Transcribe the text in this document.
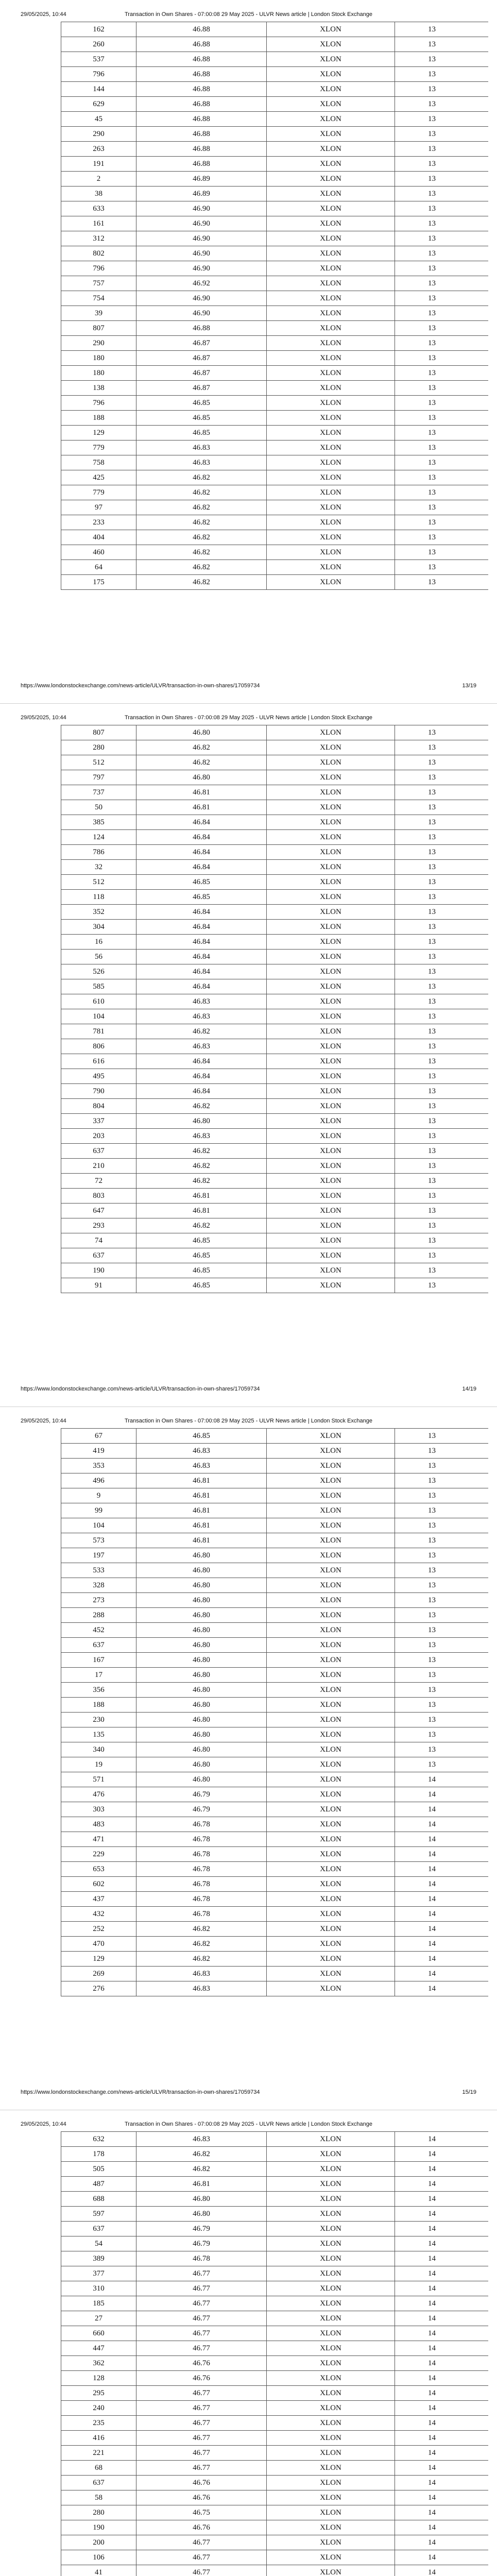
29/05/2025, 10:44	Transaction in Own Shares - 07:00:08 29 May 2025 - ULVR News article | London Stock Exchange
162	46.88	XLON	13
260	46.88	XLON	13
537	46.88	XLON	13
796	46.88	XLON	13
144	46.88	XLON	13
629	46.88	XLON	13
45	46.88	XLON	13
290	46.88	XLON	13
263	46.88	XLON	13
191	46.88	XLON	13
2	46.89	XLON	13
38	46.89	XLON	13
633	46.90	XLON	13
161	46.90	XLON	13
312	46.90	XLON	13
802	46.90	XLON	13
796	46.90	XLON	13
757	46.92	XLON	13
754	46.90	XLON	13
39	46.90	XLON	13
807	46.88	XLON	13
290	46.87	XLON	13
180	46.87	XLON	13
180	46.87	XLON	13
138	46.87	XLON	13
796	46.85	XLON	13
188	46.85	XLON	13
129	46.85	XLON	13
779	46.83	XLON	13
758	46.83	XLON	13
425	46.82	XLON	13
779	46.82	XLON	13
97	46.82	XLON	13
233	46.82	XLON	13
404	46.82	XLON	13
460	46.82	XLON	13
64	46.82	XLON	13
175	46.82	XLON	13
https://www.londonstockexchange.com/news-article/ULVR/transaction-in-own-shares/17059734	13/19
29/05/2025, 10:44	Transaction in Own Shares - 07:00:08 29 May 2025 - ULVR News article | London Stock Exchange
807	46.80	XLON	13
280	46.82	XLON	13
512	46.82	XLON	13
797	46.80	XLON	13
737	46.81	XLON	13
50	46.81	XLON	13
385	46.84	XLON	13
124	46.84	XLON	13
786	46.84	XLON	13
32	46.84	XLON	13
512	46.85	XLON	13
118	46.85	XLON	13
352	46.84	XLON	13
304	46.84	XLON	13
16	46.84	XLON	13
56	46.84	XLON	13
526	46.84	XLON	13
585	46.84	XLON	13
610	46.83	XLON	13
104	46.83	XLON	13
781	46.82	XLON	13
806	46.83	XLON	13
616	46.84	XLON	13
495	46.84	XLON	13
790	46.84	XLON	13
804	46.82	XLON	13
337	46.80	XLON	13
203	46.83	XLON	13
637	46.82	XLON	13
210	46.82	XLON	13
72	46.82	XLON	13
803	46.81	XLON	13
647	46.81	XLON	13
293	46.82	XLON	13
74	46.85	XLON	13
637	46.85	XLON	13
190	46.85	XLON	13
91	46.85	XLON	13
https://www.londonstockexchange.com/news-article/ULVR/transaction-in-own-shares/17059734	14/19
29/05/2025, 10:44	Transaction in Own Shares - 07:00:08 29 May 2025 - ULVR News article | London Stock Exchange
67	46.85	XLON	13
419	46.83	XLON	13
353	46.83	XLON	13
496	46.81	XLON	13
9	46.81	XLON	13
99	46.81	XLON	13
104	46.81	XLON	13
573	46.81	XLON	13
197	46.80	XLON	13
533	46.80	XLON	13
328	46.80	XLON	13
273	46.80	XLON	13
288	46.80	XLON	13
452	46.80	XLON	13
637	46.80	XLON	13
167	46.80	XLON	13
17	46.80	XLON	13
356	46.80	XLON	13
188	46.80	XLON	13
230	46.80	XLON	13
135	46.80	XLON	13
340	46.80	XLON	13
19	46.80	XLON	13
571	46.80	XLON	14
476	46.79	XLON	14
303	46.79	XLON	14
483	46.78	XLON	14
471	46.78	XLON	14
229	46.78	XLON	14
653	46.78	XLON	14
602	46.78	XLON	14
437	46.78	XLON	14
432	46.78	XLON	14
252	46.82	XLON	14
470	46.82	XLON	14
129	46.82	XLON	14
269	46.83	XLON	14
276	46.83	XLON	14
https://www.londonstockexchange.com/news-article/ULVR/transaction-in-own-shares/17059734	15/19
29/05/2025, 10:44	Transaction in Own Shares - 07:00:08 29 May 2025 - ULVR News article | London Stock Exchange
632	46.83	XLON	14
178	46.82	XLON	14
505	46.82	XLON	14
487	46.81	XLON	14
688	46.80	XLON	14
597	46.80	XLON	14
637	46.79	XLON	14
54	46.79	XLON	14
389	46.78	XLON	14
377	46.77	XLON	14
310	46.77	XLON	14
185	46.77	XLON	14
27	46.77	XLON	14
660	46.77	XLON	14
447	46.77	XLON	14
362	46.76	XLON	14
128	46.76	XLON	14
295	46.77	XLON	14
240	46.77	XLON	14
235	46.77	XLON	14
416	46.77	XLON	14
221	46.77	XLON	14
68	46.77	XLON	14
637	46.76	XLON	14
58	46.76	XLON	14
280	46.75	XLON	14
190	46.76	XLON	14
200	46.77	XLON	14
106	46.77	XLON	14
41	46.77	XLON	14
